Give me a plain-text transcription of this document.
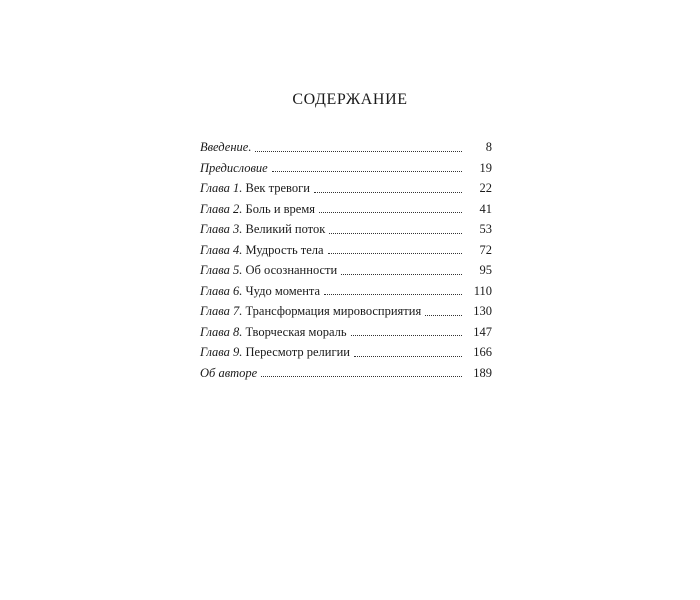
СОДЕРЖАНИЕ
Введение.	8
Предисловие	19
Глава 1. Век тревоги	22
Глава 2. Боль и время	41
Глава 3. Великий поток	53
Глава 4. Мудрость тела	72
Глава 5. Об осознанности	95
Глава 6. Чудо момента	110
Глава 7. Трансформация мировосприятия	130
Глава 8. Творческая мораль	147
Глава 9. Пересмотр религии	166
Об авторе	189
